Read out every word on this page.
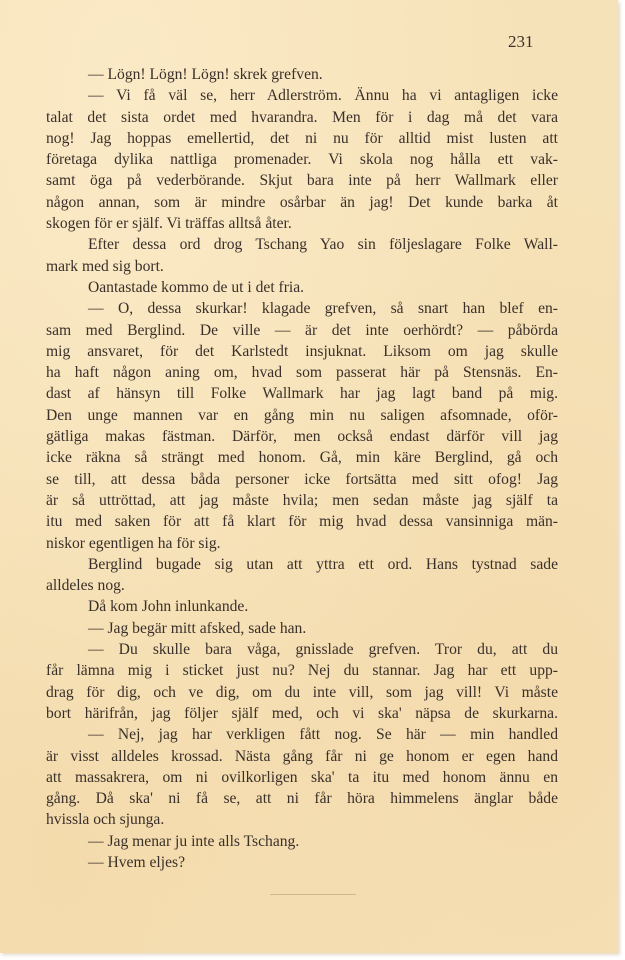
231
— Lögn! Lögn! Lögn! skrek grefven.
— Vi få väl se, herr Adlerström. Ännu ha vi antagligen icke
talat det sista ordet med hvarandra. Men för i dag må det vara
nog! Jag hoppas emellertid, det ni nu för alltid mist lusten att
företaga dylika nattliga promenader. Vi skola nog hålla ett vak-
samt öga på vederbörande. Skjut bara inte på herr Wallmark eller
någon annan, som är mindre osårbar än jag! Det kunde barka åt
skogen för er själf. Vi träffas alltså åter.
Efter dessa ord drog Tschang Yao sin följeslagare Folke Wall-
mark med sig bort.
Oantastade kommo de ut i det fria.
— O, dessa skurkar! klagade grefven, så snart han blef en-
sam med Berglind. De ville — är det inte oerhördt? — påbörda
mig ansvaret, för det Karlstedt insjuknat. Liksom om jag skulle
ha haft någon aning om, hvad som passerat här på Stensnäs. En-
dast af hänsyn till Folke Wallmark har jag lagt band på mig.
Den unge mannen var en gång min nu saligen afsomnade, oför-
gätliga makas fästman. Därför, men också endast därför vill jag
icke räkna så strängt med honom. Gå, min käre Berglind, gå och
se till, att dessa båda personer icke fortsätta med sitt ofog! Jag
är så uttröttad, att jag måste hvila; men sedan måste jag själf ta
itu med saken för att få klart för mig hvad dessa vansinniga män-
niskor egentligen ha för sig.
Berglind bugade sig utan att yttra ett ord. Hans tystnad sade
alldeles nog.
Då kom John inlunkande.
— Jag begär mitt afsked, sade han.
— Du skulle bara våga, gnisslade grefven. Tror du, att du
får lämna mig i sticket just nu? Nej du stannar. Jag har ett upp-
drag för dig, och ve dig, om du inte vill, som jag vill! Vi måste
bort härifrån, jag följer själf med, och vi ska' näpsa de skurkarna.
— Nej, jag har verkligen fått nog. Se här — min handled
är visst alldeles krossad. Nästa gång får ni ge honom er egen hand
att massakrera, om ni ovilkorligen ska' ta itu med honom ännu en
gång. Då ska' ni få se, att ni får höra himmelens änglar både
hvissla och sjunga.
— Jag menar ju inte alls Tschang.
— Hvem eljes?
